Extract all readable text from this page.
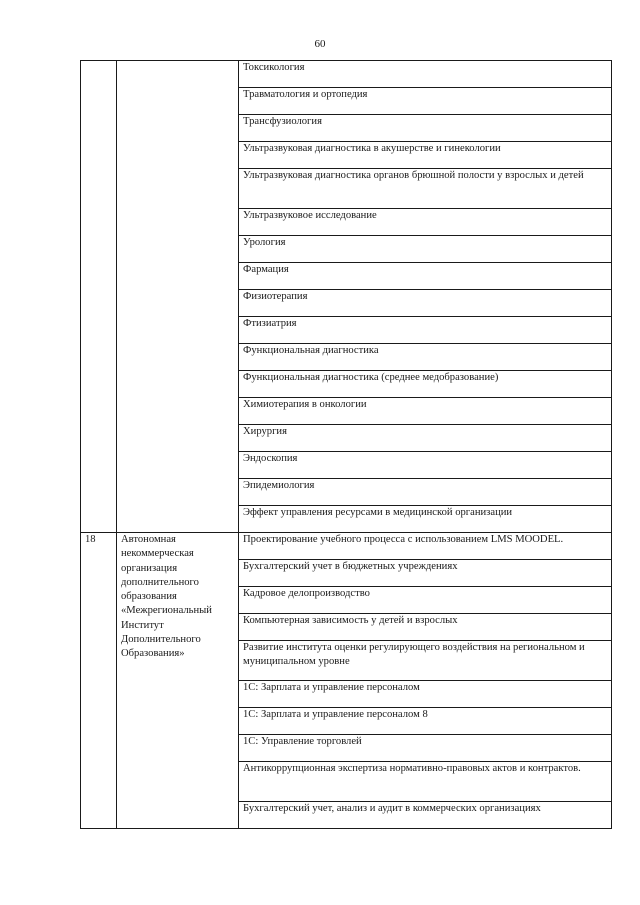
60
		Токсикология
		Травматология и ортопедия
		Трансфузиология
		Ультразвуковая диагностика в акушерстве и гинекологии
		Ультразвуковая диагностика органов брюшной полости у взрослых и детей
		Ультразвуковое исследование
		Урология
		Фармация
		Физиотерапия
		Фтизиатрия
		Функциональная диагностика
		Функциональная диагностика (среднее медобразование)
		Химиотерапия в онкологии
		Хирургия
		Эндоскопия
		Эпидемиология
		Эффект управления ресурсами в медицинской организации
18	Автономная некоммерческая организация дополнительного образования «Межрегиональный Институт Дополнительного Образования»	Проектирование учебного процесса с использованием LMS MOODEL.
		Бухгалтерский учет в бюджетных учреждениях
		Кадровое делопроизводство
		Компьютерная зависимость у детей и взрослых
		Развитие института оценки регулирующего воздействия на региональном и муниципальном уровне
		1С: Зарплата и управление персоналом
		1С: Зарплата и управление персоналом 8
		1С: Управление торговлей
		Антикоррупционная экспертиза нормативно-правовых актов и контрактов.
		Бухгалтерский учет, анализ и аудит в коммерческих организациях
